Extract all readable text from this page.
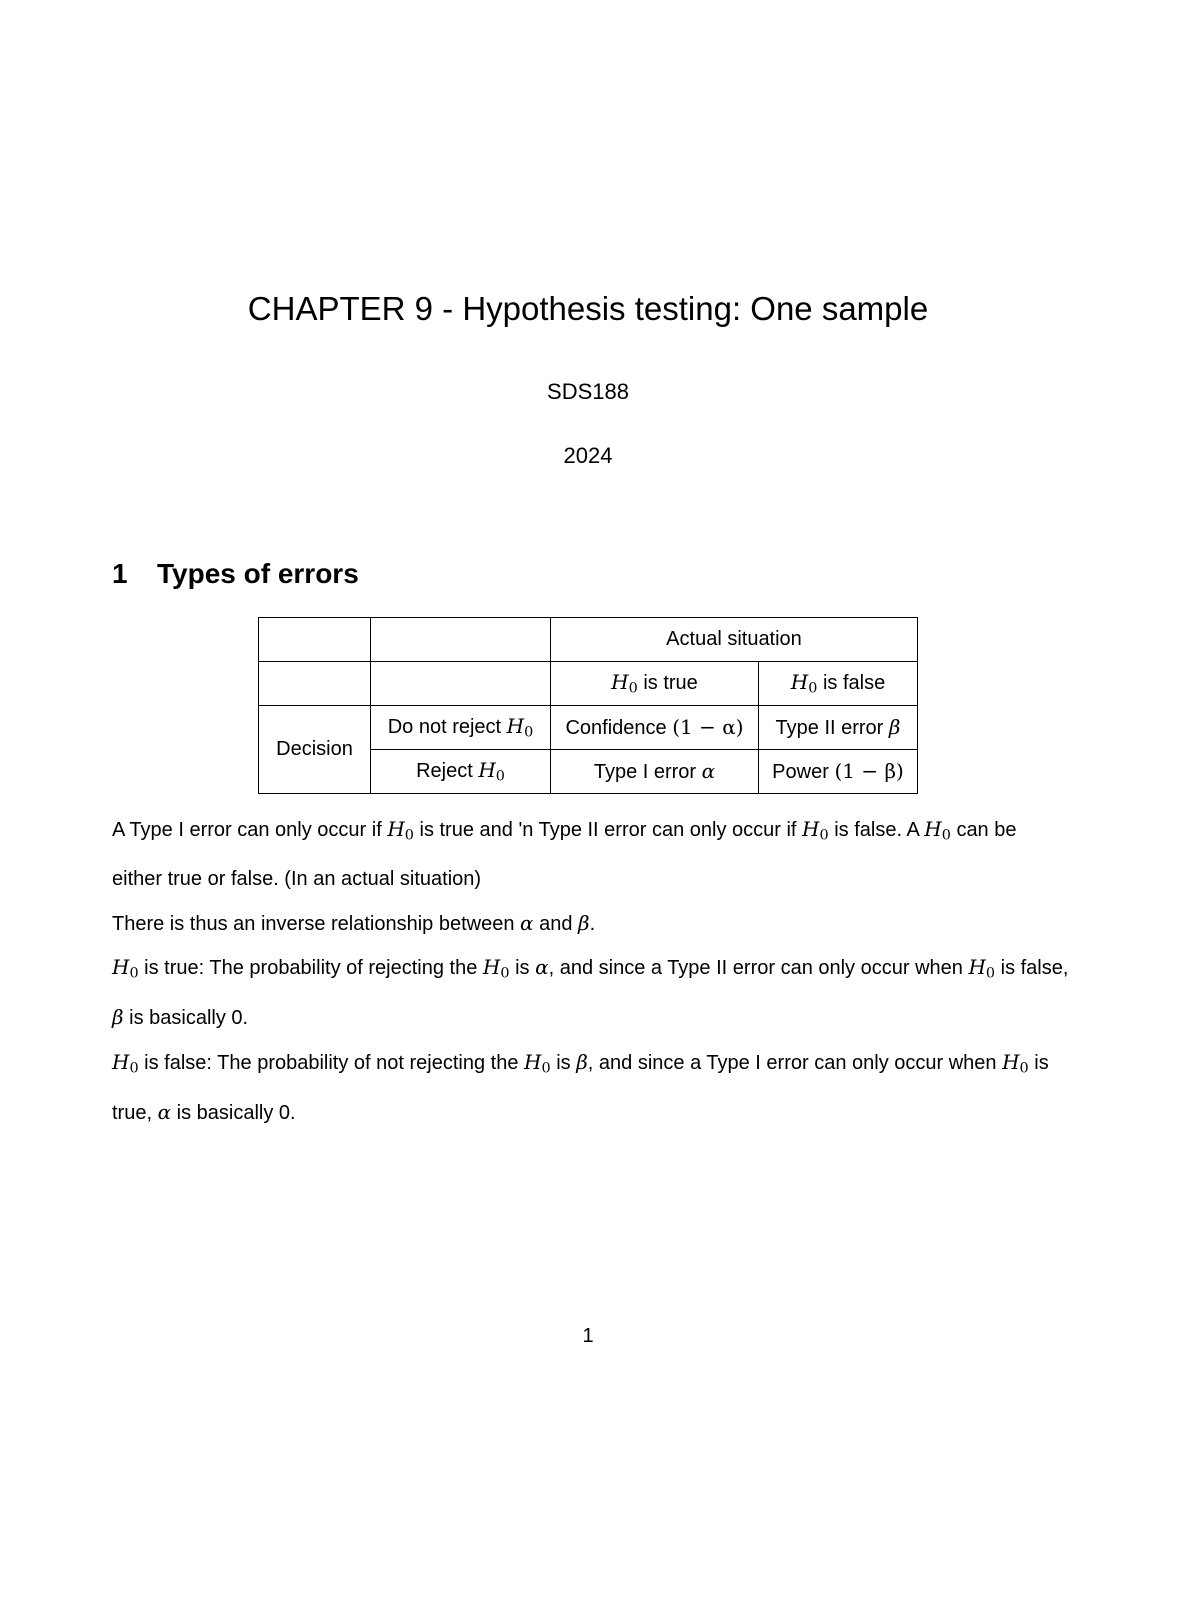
CHAPTER 9 - Hypothesis testing: One sample
SDS188
2024
1 Types of errors
		Actual situation	
		$H_0$ is true	$H_0$ is false
Decision	Do not reject $H_0$	Confidence (1 − α)	Type II error β
	Reject $H_0$	Type I error α	Power (1 − β)

A Type I error can only occur if $H_0$ is true and 'n Type II error can only occur if $H_0$ is false. A $H_0$ can be either true or false. (In an actual situation)

There is thus an inverse relationship between α and β.

$H_0$ is true: The probability of rejecting the $H_0$ is α, and since a Type II error can only occur when $H_0$ is false, β is basically 0.

$H_0$ is false: The probability of not rejecting the $H_0$ is β, and since a Type I error can only occur when $H_0$ is true, α is basically 0.

1
